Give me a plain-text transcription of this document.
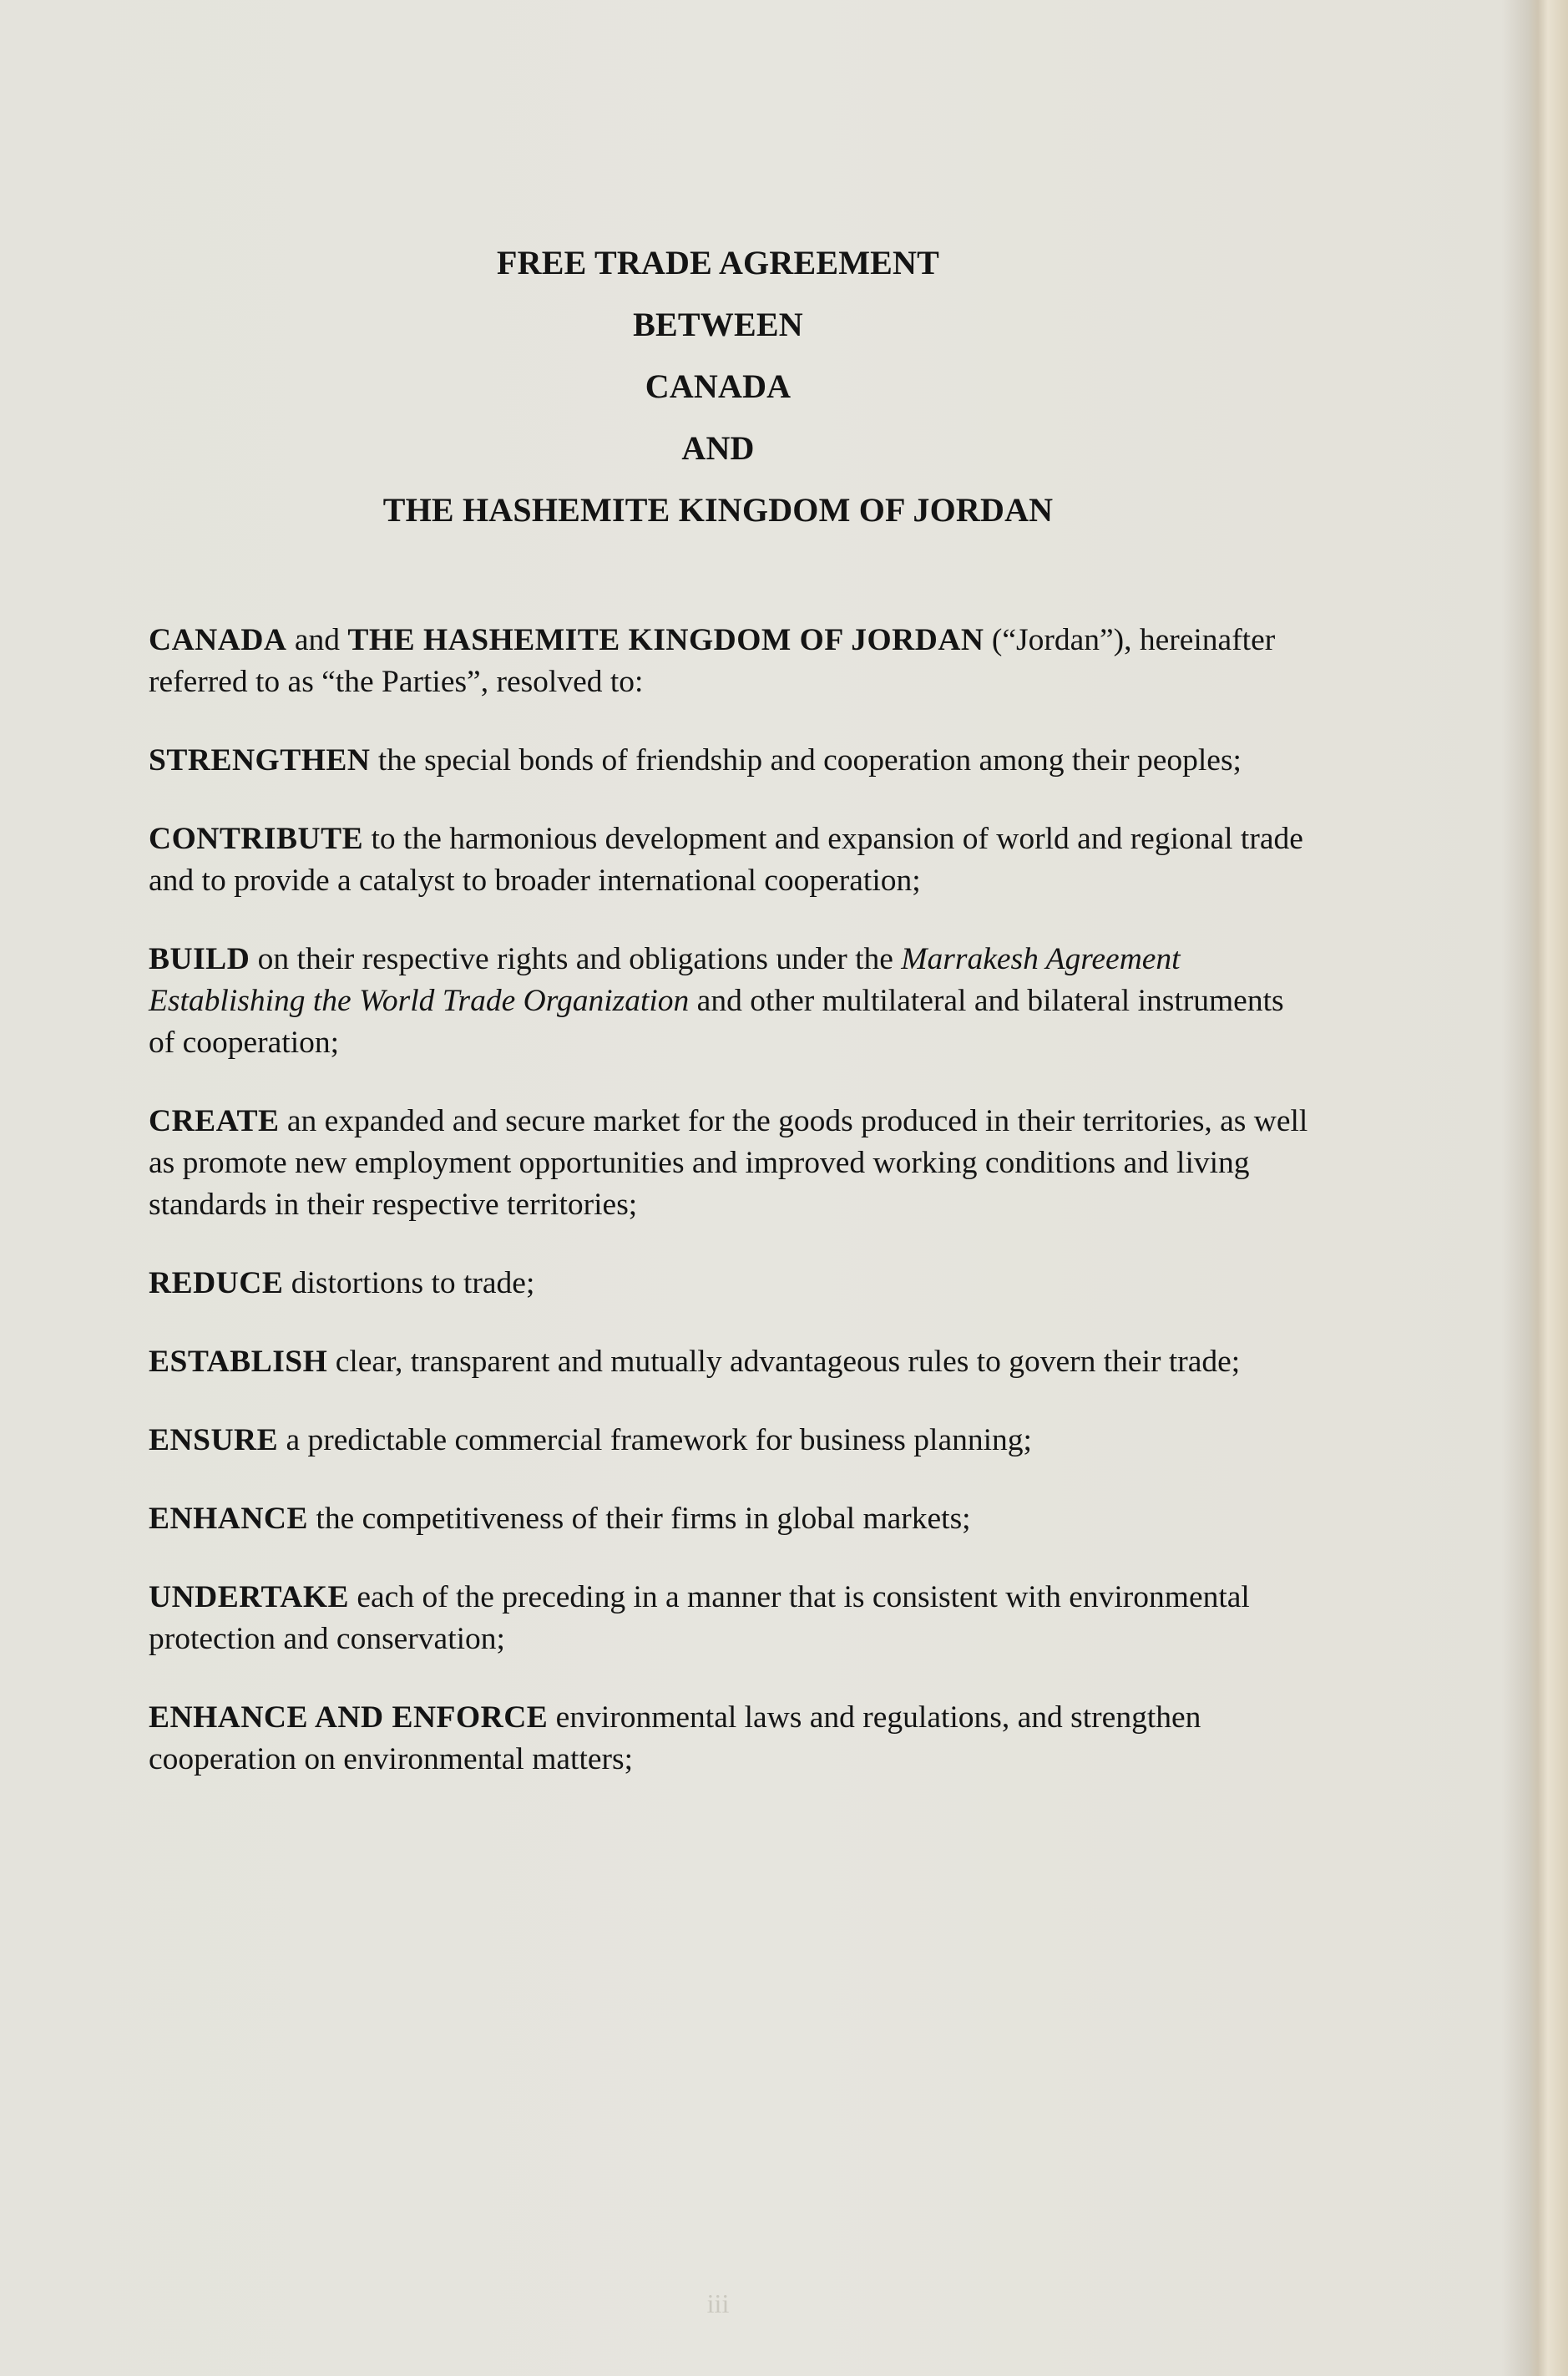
FREE TRADE AGREEMENT
BETWEEN
CANADA
AND
THE HASHEMITE KINGDOM OF JORDAN

CANADA and THE HASHEMITE KINGDOM OF JORDAN (“Jordan”), hereinafter referred to as “the Parties”, resolved to:

STRENGTHEN the special bonds of friendship and cooperation among their peoples;

CONTRIBUTE to the harmonious development and expansion of world and regional trade and to provide a catalyst to broader international cooperation;

BUILD on their respective rights and obligations under the Marrakesh Agreement Establishing the World Trade Organization and other multilateral and bilateral instruments of cooperation;

CREATE an expanded and secure market for the goods produced in their territories, as well as promote new employment opportunities and improved working conditions and living standards in their respective territories;

REDUCE distortions to trade;

ESTABLISH clear, transparent and mutually advantageous rules to govern their trade;

ENSURE a predictable commercial framework for business planning;

ENHANCE the competitiveness of their firms in global markets;

UNDERTAKE each of the preceding in a manner that is consistent with environmental protection and conservation;

ENHANCE AND ENFORCE environmental laws and regulations, and strengthen cooperation on environmental matters;

iii
